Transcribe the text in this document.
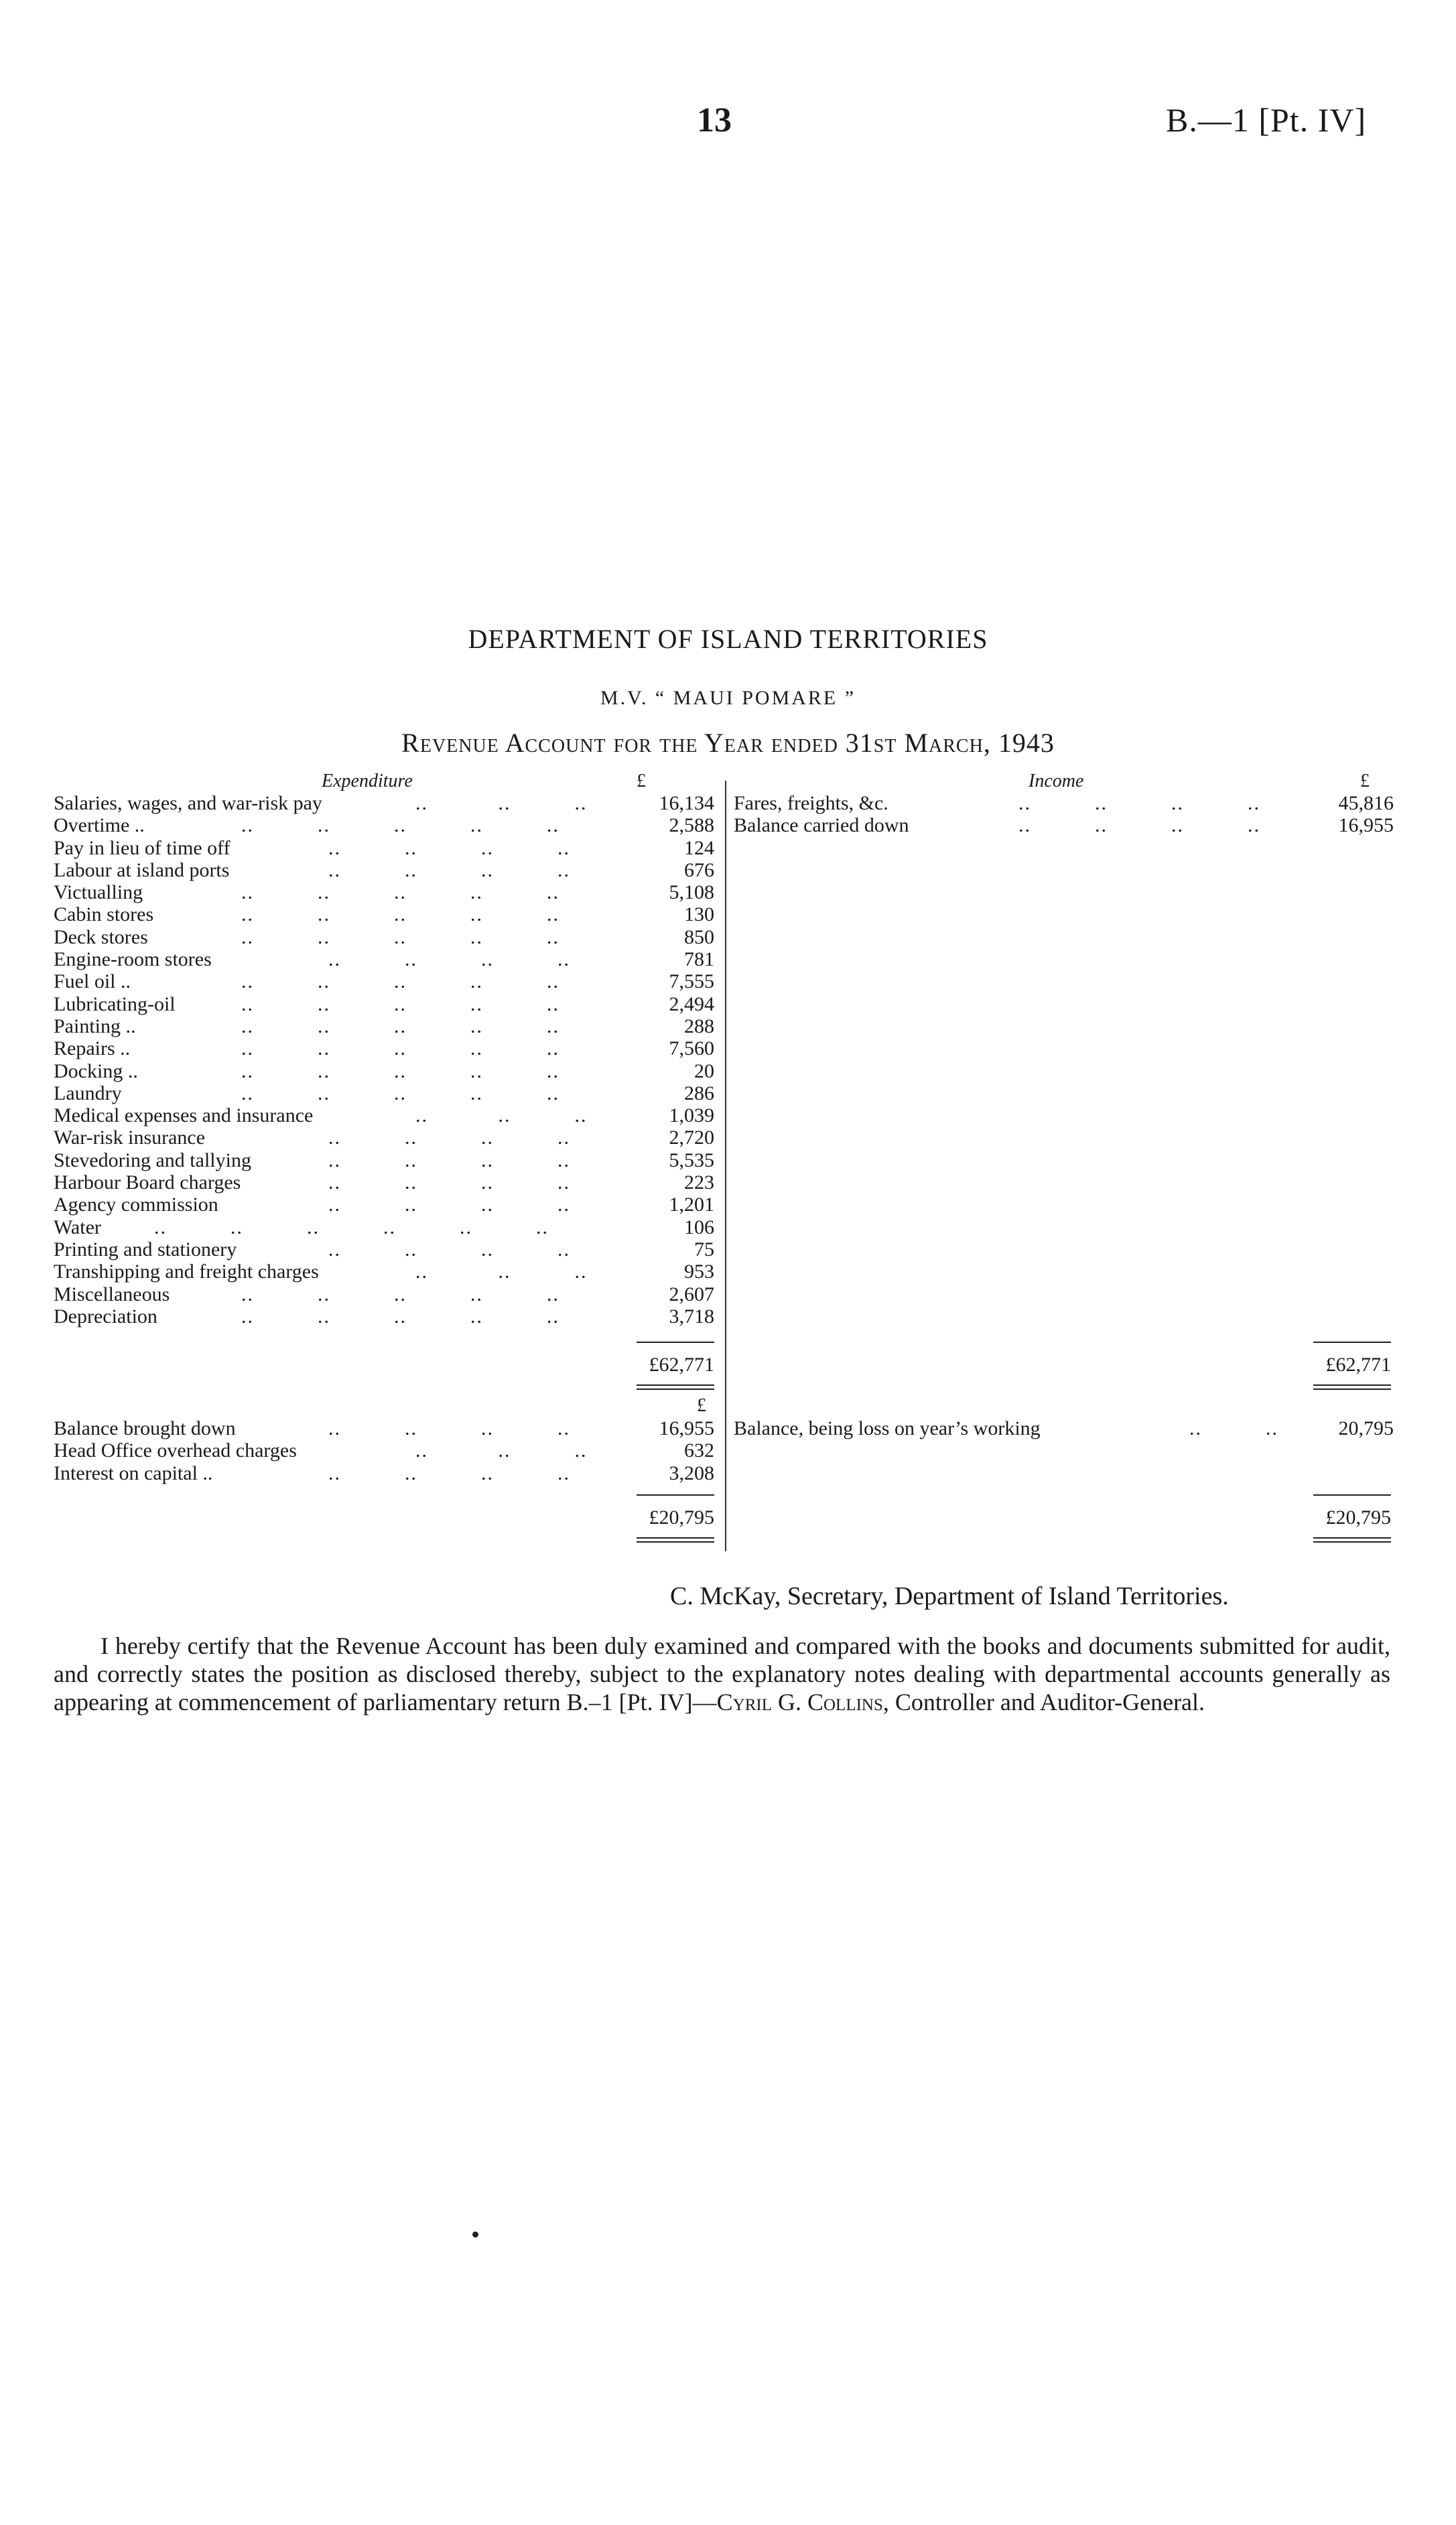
13	B.—1 [Pt. IV]
DEPARTMENT OF ISLAND TERRITORIES
M.V. “ MAUI POMARE ”
Revenue Account for the Year ended 31st March, 1943
Expenditure	£	Income	£
Salaries, wages, and war-risk pay	..           ..          ..	16,134
Overtime ..	..          ..          ..          ..          ..	2,588
Pay in lieu of time off	..          ..          ..          ..	124
Labour at island ports	..          ..          ..          ..	676
Victualling	..          ..          ..          ..          ..	5,108
Cabin stores	..          ..          ..          ..          ..	130
Deck stores	..          ..          ..          ..          ..	850
Engine-room stores	..          ..          ..          ..	781
Fuel oil ..	..          ..          ..          ..          ..	7,555
Lubricating-oil	..          ..          ..          ..          ..	2,494
Painting ..	..          ..          ..          ..          ..	288
Repairs ..	..          ..          ..          ..          ..	7,560
Docking ..	..          ..          ..          ..          ..	20
Laundry	..          ..          ..          ..          ..	286
Medical expenses and insurance	..           ..          ..	1,039
War-risk insurance	..          ..          ..          ..	2,720
Stevedoring and tallying	..          ..          ..          ..	5,535
Harbour Board charges	..          ..          ..          ..	223
Agency commission	..          ..          ..          ..	1,201
Water	..          ..          ..          ..          ..          ..	106
Printing and stationery	..          ..          ..          ..	75
Transhipping and freight charges	..           ..          ..	953
Miscellaneous	..          ..          ..          ..          ..	2,607
Depreciation	..          ..          ..          ..          ..	3,718
Fares, freights, &c.	..          ..          ..          ..	45,816
Balance carried down	..          ..          ..          ..	16,955
£62,771	£62,771
£
Balance brought down	..          ..          ..          ..	16,955
Head Office overhead charges	..           ..          ..	632
Interest on capital ..	..          ..          ..          ..	3,208
Balance, being loss on year’s working	..          ..	20,795
£20,795	£20,795
C. McKay, Secretary, Department of Island Territories.
I hereby certify that the Revenue Account has been duly examined and compared with the books and documents submitted for audit, and correctly states the position as disclosed thereby, subject to the explanatory notes dealing with departmental accounts generally as appearing at commencement of parliamentary return B.–1 [Pt. IV]—Cyril G. Collins, Controller and Auditor-General.
